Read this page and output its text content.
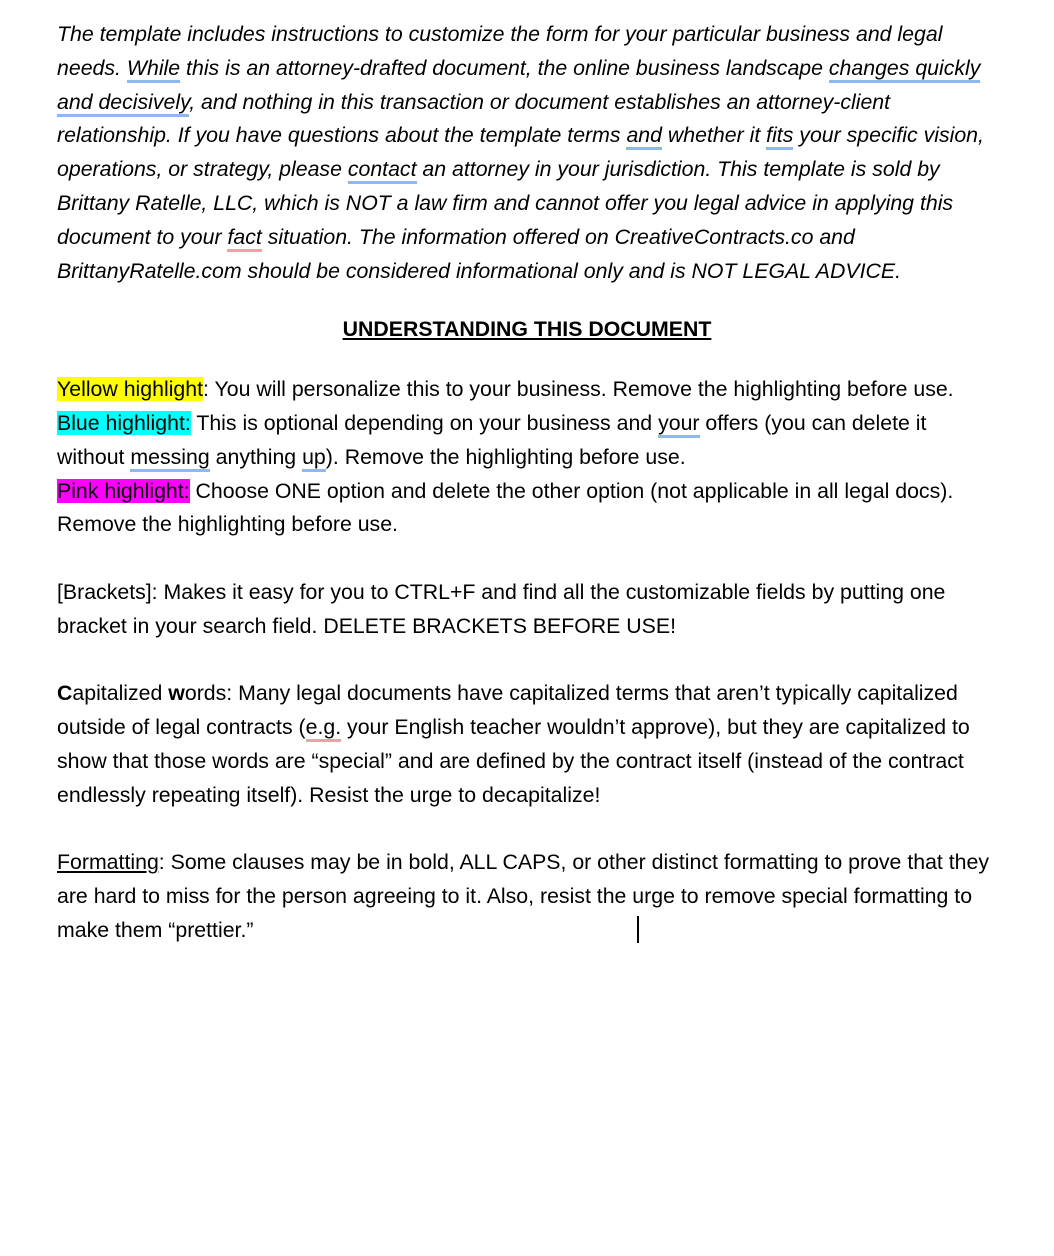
The template includes instructions to customize the form for your particular business and legal needs. While this is an attorney-drafted document, the online business landscape changes quickly and decisively, and nothing in this transaction or document establishes an attorney-client relationship. If you have questions about the template terms and whether it fits your specific vision, operations, or strategy, please contact an attorney in your jurisdiction. This template is sold by Brittany Ratelle, LLC, which is NOT a law firm and cannot offer you legal advice in applying this document to your fact situation. The information offered on CreativeContracts.co and BrittanyRatelle.com should be considered informational only and is NOT LEGAL ADVICE.

UNDERSTANDING THIS DOCUMENT

Yellow highlight: You will personalize this to your business. Remove the highlighting before use.

Blue highlight: This is optional depending on your business and your offers (you can delete it without messing anything up). Remove the highlighting before use.

Pink highlight: Choose ONE option and delete the other option (not applicable in all legal docs). Remove the highlighting before use.

[Brackets]: Makes it easy for you to CTRL+F and find all the customizable fields by putting one bracket in your search field. DELETE BRACKETS BEFORE USE!

Capitalized words: Many legal documents have capitalized terms that aren’t typically capitalized outside of legal contracts (e.g. your English teacher wouldn’t approve), but they are capitalized to show that those words are “special” and are defined by the contract itself (instead of the contract endlessly repeating itself). Resist the urge to decapitalize!

Formatting: Some clauses may be in bold, ALL CAPS, or other distinct formatting to prove that they are hard to miss for the person agreeing to it. Also, resist the urge to remove special formatting to make them “prettier.”
